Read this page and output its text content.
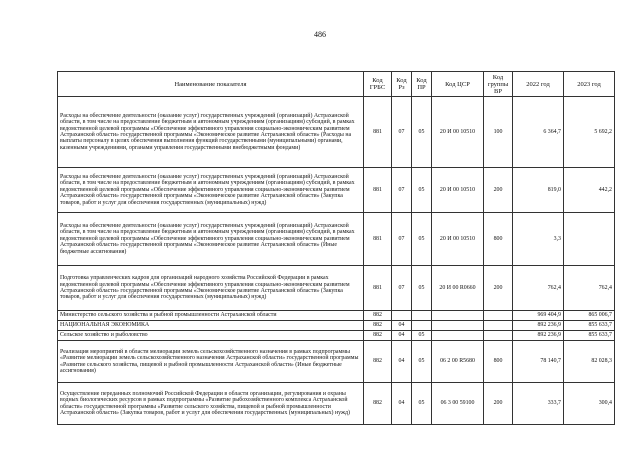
486
Наименование показателя	Код ГРБС	Код Рз	Код ПР	Код ЦСР	Код группы ВР	2022 год	2023 год
Расходы на обеспечение деятельности (оказание услуг) государственных учреждений (организаций) Астраханской области, в том числе на предоставление бюджетным и автономным учреждениям (организациям) субсидий, в рамках ведомственной целевой программы «Обеспечение эффективного управления социально-экономическим развитием Астраханской области» государственной программы «Экономическое развитие Астраханской области» (Расходы на выплаты персоналу в целях обеспечения выполнения функций государственными (муниципальными) органами, казенными учреждениями, органами управления государственными внебюджетными фондами)	881	07	05	20 И 00 10510	100	6 364,7	5 692,2
Расходы на обеспечение деятельности (оказание услуг) государственных учреждений (организаций) Астраханской области, в том числе на предоставление бюджетным и автономным учреждениям (организациям) субсидий, в рамках ведомственной целевой программы «Обеспечение эффективного управления социально-экономическим развитием Астраханской области» государственной программы «Экономическое развитие Астраханской области» (Закупка товаров, работ и услуг для обеспечения государственных (муниципальных) нужд)	881	07	05	20 И 00 10510	200	819,0	442,2
Расходы на обеспечение деятельности (оказание услуг) государственных учреждений (организаций) Астраханской области, в том числе на предоставление бюджетным и автономным учреждениям (организациям) субсидий, в рамках ведомственной целевой программы «Обеспечение эффективного управления социально-экономическим развитием Астраханской области» государственной программы «Экономическое развитие Астраханской области» (Иные бюджетные ассигнования)	881	07	05	20 И 00 10510	800	3,3	
Подготовка управленческих кадров для организаций народного хозяйства Российской Федерации в рамках ведомственной целевой программы «Обеспечение эффективного управления социально-экономическим развитием Астраханской области» государственной программы «Экономическое развитие Астраханской области» (Закупка товаров, работ и услуг для обеспечения государственных (муниципальных) нужд)	881	07	05	20 И 00 R0660	200	762,4	762,4
Министерство сельского хозяйства и рыбной промышленности Астраханской области	882					969 404,9	865 006,7
НАЦИОНАЛЬНАЯ ЭКОНОМИКА	882	04				892 236,9	855 633,7
Сельское хозяйство и рыболовство	882	04	05			892 236,9	855 633,7
Реализация мероприятий в области мелиорации земель сельскохозяйственного назначения в рамках подпрограммы «Развитие мелиорации земель сельскохозяйственного назначения Астраханской области» государственной программы «Развитие сельского хозяйства, пищевой и рыбной промышленности Астраханской области» (Иные бюджетные ассигнования)	882	04	05	06 2 00 R5680	800	78 140,7	82 028,3
Осуществление переданных полномочий Российской Федерации в области организации, регулирования и охраны водных биологических ресурсов в рамках подпрограммы «Развитие рыбохозяйственного комплекса Астраханской области» государственной программы «Развитие сельского хозяйства, пищевой и рыбной промышленности Астраханской области» (Закупка товаров, работ и услуг для обеспечения государственных (муниципальных) нужд)	882	04	05	06 3 00 59100	200	333,7	300,4
